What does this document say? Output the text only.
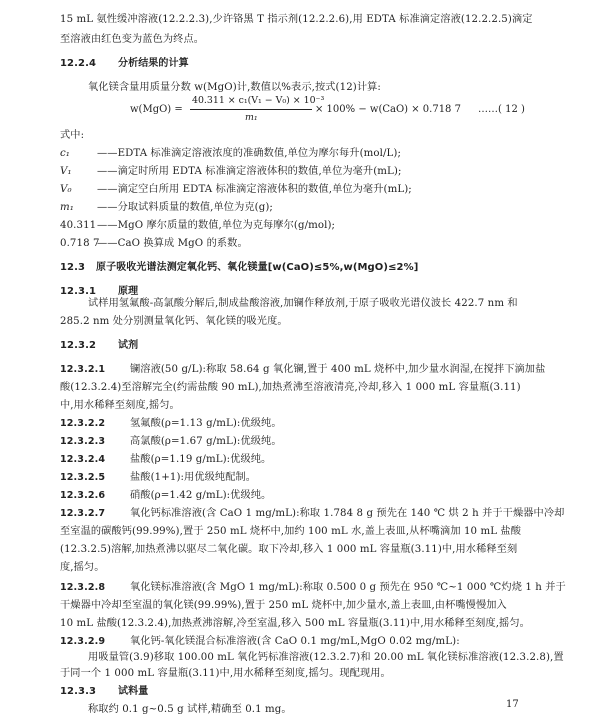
15 mL 氨性缓冲溶液(12.2.2.3),少许铬黑 T 指示剂(12.2.2.6),用 EDTA 标准滴定溶液(12.2.2.5)滴定
至溶液由红色变为蓝色为终点。
12.2.4 分析结果的计算
氧化镁含量用质量分数 w(MgO)计,数值以%表示,按式(12)计算:
w(MgO) =
40.311 × c₁(V₁ − V₀) × 10⁻³
m₁
× 100% − w(CaO) × 0.718 7 ……( 12 )
式中:
c₁	——EDTA 标准滴定溶液浓度的准确数值,单位为摩尔每升(mol/L);
V₁ ——滴定时所用 EDTA 标准滴定溶液体积的数值,单位为毫升(mL);
V₀ ——滴定空白所用 EDTA 标准滴定溶液体积的数值,单位为毫升(mL);
m₁ ——分取试料质量的数值,单位为克(g);
40.311——MgO 摩尔质量的数值,单位为克每摩尔(g/mol);
0.718 7——CaO 换算成 MgO 的系数。
12.3 原子吸收光谱法测定氧化钙、氧化镁量[w(CaO)≤5%,w(MgO)≤2%]
12.3.1 原理
试样用氢氟酸-高氯酸分解后,制成盐酸溶液,加镧作释放剂,于原子吸收光谱仪波长 422.7 nm 和
285.2 nm 处分别测量氧化钙、氧化镁的吸光度。
12.3.2 试剂
12.3.2.1 镧溶液(50 g/L):称取 58.64 g 氧化镧,置于 400 mL 烧杯中,加少量水润湿,在搅拌下滴加盐
酸(12.3.2.4)至溶解完全(约需盐酸 90 mL),加热煮沸至溶液清亮,冷却,移入 1 000 mL 容量瓶(3.11)
中,用水稀释至刻度,摇匀。
12.3.2.2 氢氟酸(ρ=1.13 g/mL):优级纯。
12.3.2.3 高氯酸(ρ=1.67 g/mL):优级纯。
12.3.2.4 盐酸(ρ=1.19 g/mL):优级纯。
12.3.2.5 盐酸(1+1):用优级纯配制。
12.3.2.6 硝酸(ρ=1.42 g/mL):优级纯。
12.3.2.7 氧化钙标准溶液(含 CaO 1 mg/mL):称取 1.784 8 g 预先在 140 ℃ 烘 2 h 并于干燥器中冷却
至室温的碳酸钙(99.99%),置于 250 mL 烧杯中,加约 100 mL 水,盖上表皿,从杯嘴滴加 10 mL 盐酸
(12.3.2.5)溶解,加热煮沸以驱尽二氧化碳。取下冷却,移入 1 000 mL 容量瓶(3.11)中,用水稀释至刻
度,摇匀。
12.3.2.8 氧化镁标准溶液(含 MgO 1 mg/mL):称取 0.500 0 g 预先在 950 ℃~1 000 ℃灼烧 1 h 并于
干燥器中冷却至室温的氧化镁(99.99%),置于 250 mL 烧杯中,加少量水,盖上表皿,由杯嘴慢慢加入
10 mL 盐酸(12.3.2.4),加热煮沸溶解,冷至室温,移入 500 mL 容量瓶(3.11)中,用水稀释至刻度,摇匀。
12.3.2.9 氧化钙-氧化镁混合标准溶液(含 CaO 0.1 mg/mL,MgO 0.02 mg/mL):
用吸量管(3.9)移取 100.00 mL 氧化钙标准溶液(12.3.2.7)和 20.00 mL 氧化镁标准溶液(12.3.2.8),置
于同一个 1 000 mL 容量瓶(3.11)中,用水稀释至刻度,摇匀。现配现用。
12.3.3 试料量
称取约 0.1 g~0.5 g 试样,精确至 0.1 mg。	17
